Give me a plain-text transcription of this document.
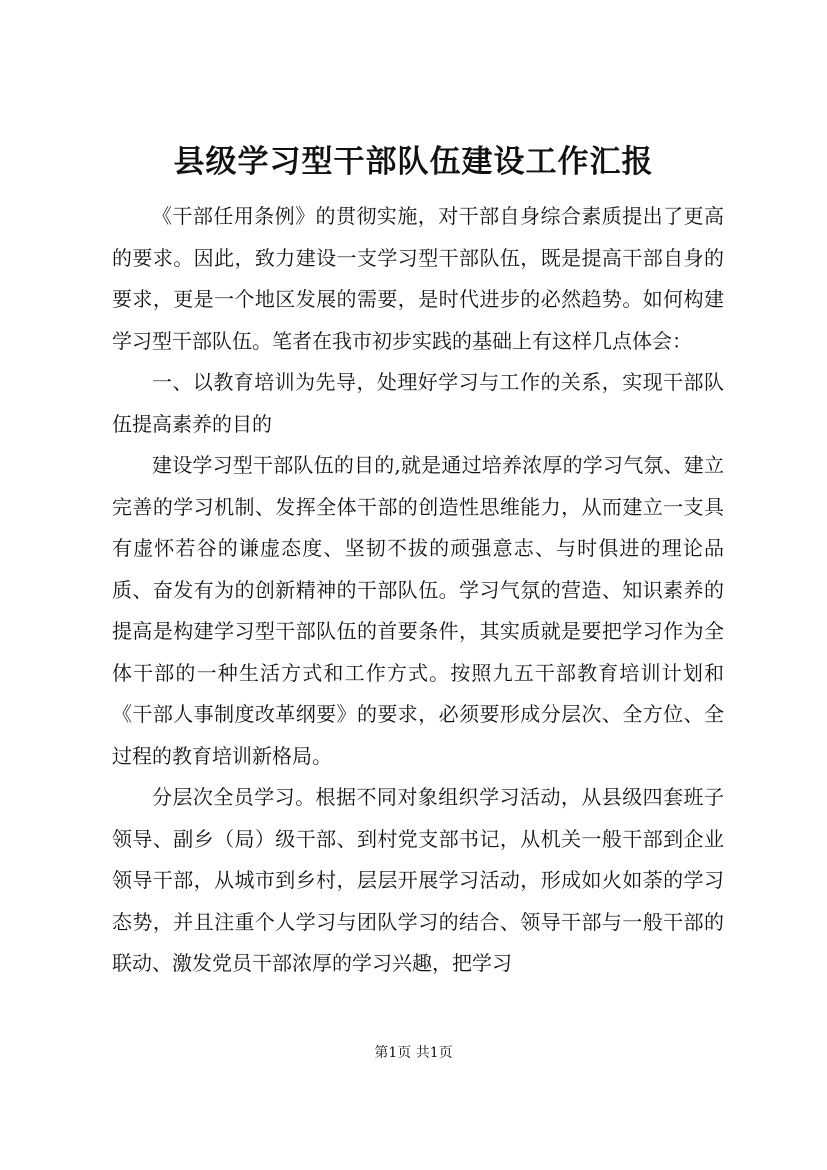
县级学习型干部队伍建设工作汇报

《干部任用条例》的贯彻实施，对干部自身综合素质提出了更高的要求。因此，致力建设一支学习型干部队伍，既是提高干部自身的要求，更是一个地区发展的需要，是时代进步的必然趋势。如何构建学习型干部队伍。笔者在我市初步实践的基础上有这样几点体会：

一、以教育培训为先导，处理好学习与工作的关系，实现干部队伍提高素养的目的

建设学习型干部队伍的目的,就是通过培养浓厚的学习气氛、建立完善的学习机制、发挥全体干部的创造性思维能力，从而建立一支具有虚怀若谷的谦虚态度、坚韧不拔的顽强意志、与时俱进的理论品质、奋发有为的创新精神的干部队伍。学习气氛的营造、知识素养的提高是构建学习型干部队伍的首要条件，其实质就是要把学习作为全体干部的一种生活方式和工作方式。按照九五干部教育培训计划和《干部人事制度改革纲要》的要求，必须要形成分层次、全方位、全过程的教育培训新格局。

分层次全员学习。根据不同对象组织学习活动，从县级四套班子领导、副乡（局）级干部、到村党支部书记，从机关一般干部到企业领导干部，从城市到乡村，层层开展学习活动，形成如火如荼的学习态势，并且注重个人学习与团队学习的结合、领导干部与一般干部的联动、激发党员干部浓厚的学习兴趣，把学习

第1页 共1页
